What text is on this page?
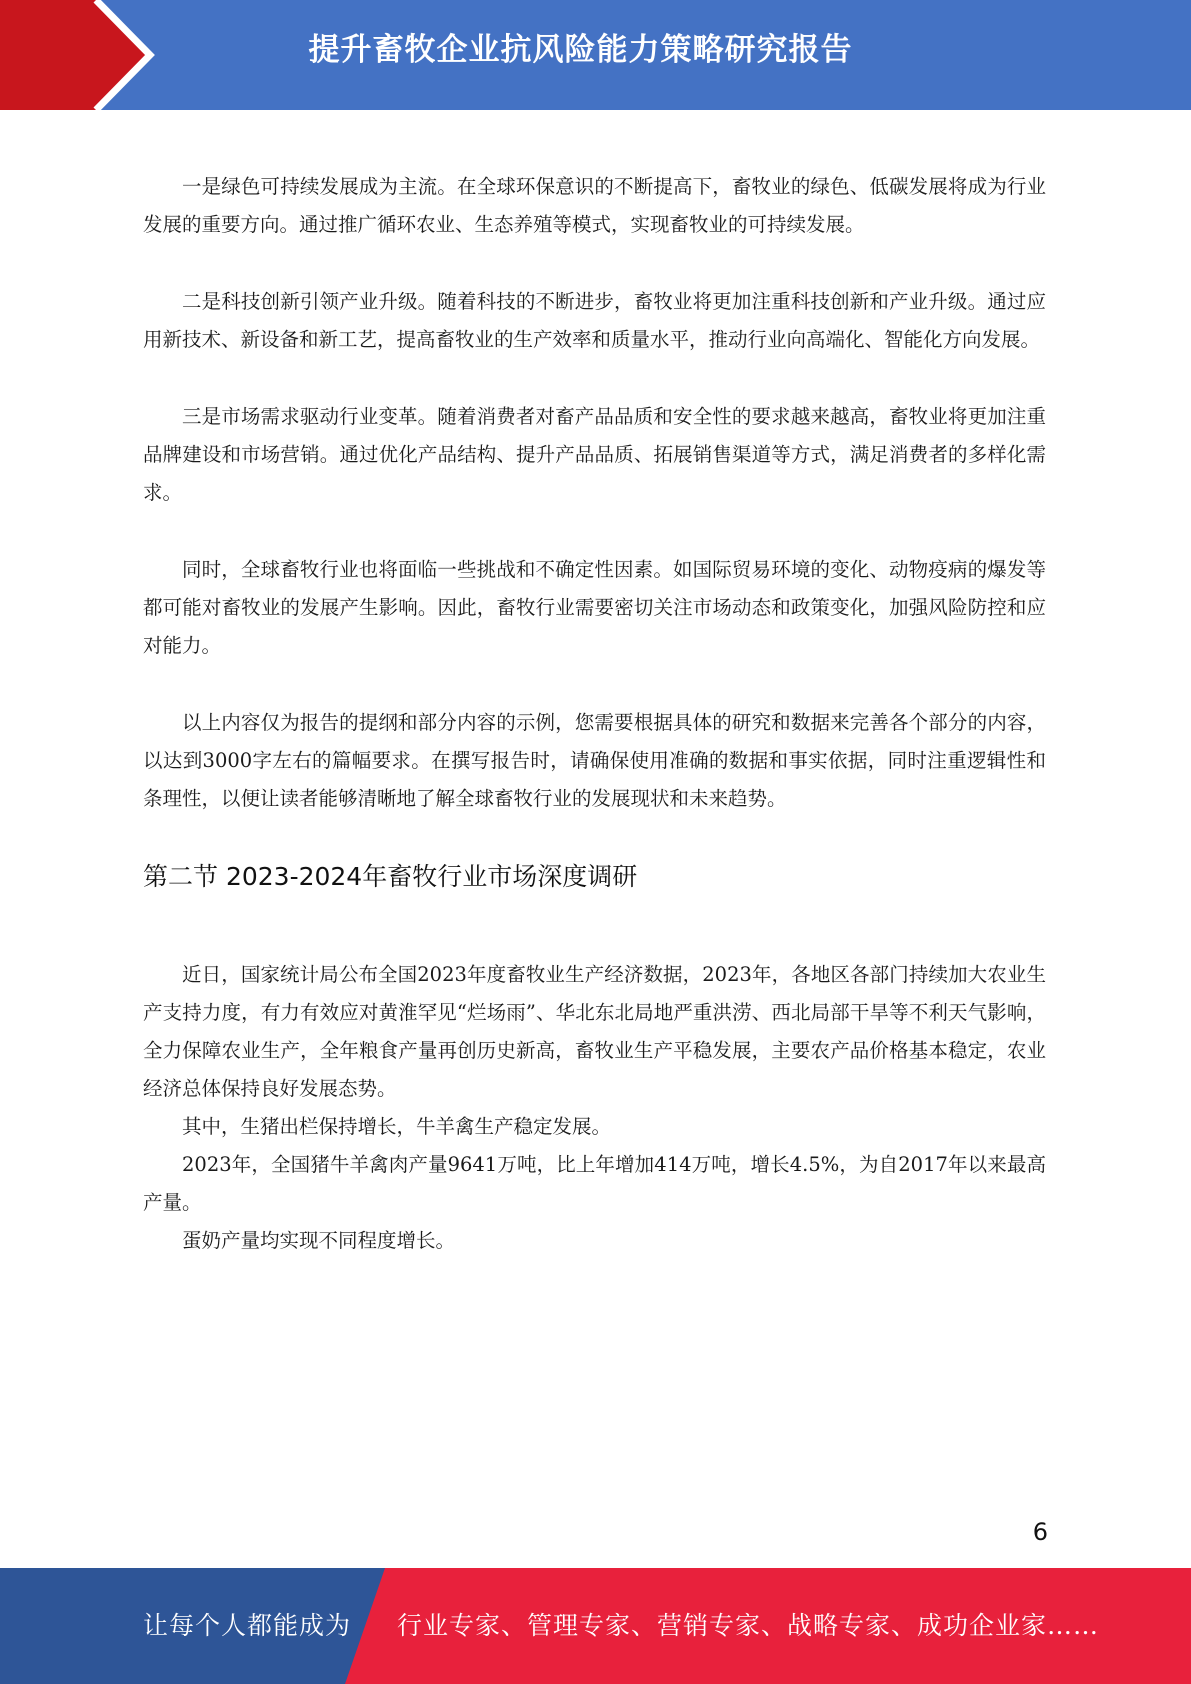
提升畜牧企业抗风险能力策略研究报告

一是绿色可持续发展成为主流。在全球环保意识的不断提高下，畜牧业的绿色、低碳发展将成为行业发展的重要方向。通过推广循环农业、生态养殖等模式，实现畜牧业的可持续发展。

二是科技创新引领产业升级。随着科技的不断进步，畜牧业将更加注重科技创新和产业升级。通过应用新技术、新设备和新工艺，提高畜牧业的生产效率和质量水平，推动行业向高端化、智能化方向发展。

三是市场需求驱动行业变革。随着消费者对畜产品品质和安全性的要求越来越高，畜牧业将更加注重品牌建设和市场营销。通过优化产品结构、提升产品品质、拓展销售渠道等方式，满足消费者的多样化需求。

同时，全球畜牧行业也将面临一些挑战和不确定性因素。如国际贸易环境的变化、动物疫病的爆发等都可能对畜牧业的发展产生影响。因此，畜牧行业需要密切关注市场动态和政策变化，加强风险防控和应对能力。

以上内容仅为报告的提纲和部分内容的示例，您需要根据具体的研究和数据来完善各个部分的内容，以达到3000字左右的篇幅要求。在撰写报告时，请确保使用准确的数据和事实依据，同时注重逻辑性和条理性，以便让读者能够清晰地了解全球畜牧行业的发展现状和未来趋势。

第二节 2023-2024年畜牧行业市场深度调研

近日，国家统计局公布全国2023年度畜牧业生产经济数据，2023年，各地区各部门持续加大农业生产支持力度，有力有效应对黄淮罕见“烂场雨”、华北东北局地严重洪涝、西北局部干旱等不利天气影响，全力保障农业生产，全年粮食产量再创历史新高，畜牧业生产平稳发展，主要农产品价格基本稳定，农业经济总体保持良好发展态势。

其中，生猪出栏保持增长，牛羊禽生产稳定发展。

2023年，全国猪牛羊禽肉产量9641万吨，比上年增加414万吨，增长4.5%，为自2017年以来最高产量。

蛋奶产量均实现不同程度增长。

6
让每个人都能成为 行业专家、管理专家、营销专家、战略专家、成功企业家……
